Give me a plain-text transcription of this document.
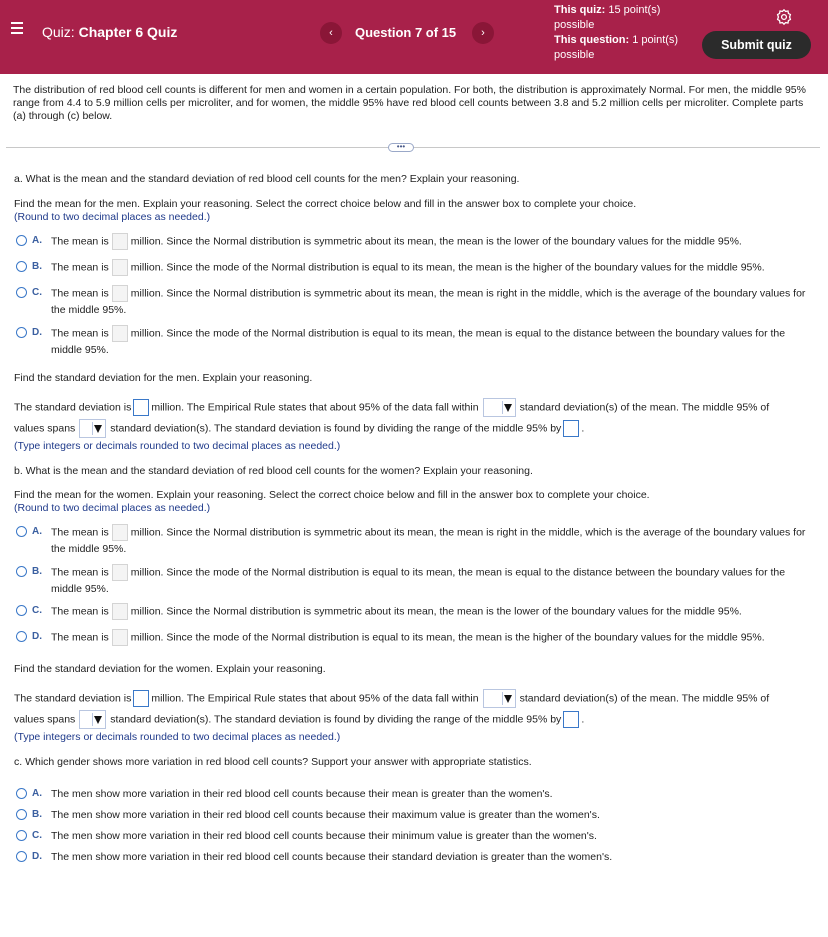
Quiz: Chapter 6 Quiz	‹	Question 7 of 15	›
This quiz: 15 point(s) possible
This question: 1 point(s) possible
Submit quiz
The distribution of red blood cell counts is different for men and women in a certain population. For both, the distribution is approximately Normal. For men, the middle 95% range from 4.4 to 5.9 million cells per microliter, and for women, the middle 95% have red blood cell counts between 3.8 and 5.2 million cells per microliter. Complete parts (a) through (c) below.
•••
a. What is the mean and the standard deviation of red blood cell counts for the men? Explain your reasoning.
Find the mean for the men. Explain your reasoning. Select the correct choice below and fill in the answer box to complete your choice.
(Round to two decimal places as needed.)
A. The mean is million. Since the Normal distribution is symmetric about its mean, the mean is the lower of the boundary values for the middle 95%.
B. The mean is million. Since the mode of the Normal distribution is equal to its mean, the mean is the higher of the boundary values for the middle 95%.
C. The mean is million. Since the Normal distribution is symmetric about its mean, the mean is right in the middle, which is the average of the boundary values for the middle 95%.
D. The mean is million. Since the mode of the Normal distribution is equal to its mean, the mean is equal to the distance between the boundary values for the middle 95%.
Find the standard deviation for the men. Explain your reasoning.
The standard deviation is million. The Empirical Rule states that about 95% of the data fall within	standard deviation(s) of the mean. The middle 95% of
values spans	standard deviation(s). The standard deviation is found by dividing the range of the middle 95% by .
(Type integers or decimals rounded to two decimal places as needed.)
b. What is the mean and the standard deviation of red blood cell counts for the women? Explain your reasoning.
Find the mean for the women. Explain your reasoning. Select the correct choice below and fill in the answer box to complete your choice.
(Round to two decimal places as needed.)
A. The mean is million. Since the Normal distribution is symmetric about its mean, the mean is right in the middle, which is the average of the boundary values for the middle 95%.
B. The mean is million. Since the mode of the Normal distribution is equal to its mean, the mean is equal to the distance between the boundary values for the middle 95%.
C. The mean is million. Since the Normal distribution is symmetric about its mean, the mean is the lower of the boundary values for the middle 95%.
D. The mean is million. Since the mode of the Normal distribution is equal to its mean, the mean is the higher of the boundary values for the middle 95%.
Find the standard deviation for the women. Explain your reasoning.
The standard deviation is million. The Empirical Rule states that about 95% of the data fall within	standard deviation(s) of the mean. The middle 95% of
values spans	standard deviation(s). The standard deviation is found by dividing the range of the middle 95% by .
(Type integers or decimals rounded to two decimal places as needed.)
c. Which gender shows more variation in red blood cell counts? Support your answer with appropriate statistics.
A. The men show more variation in their red blood cell counts because their mean is greater than the women's.
B. The men show more variation in their red blood cell counts because their maximum value is greater than the women's.
C. The men show more variation in their red blood cell counts because their minimum value is greater than the women's.
D. The men show more variation in their red blood cell counts because their standard deviation is greater than the women's.
